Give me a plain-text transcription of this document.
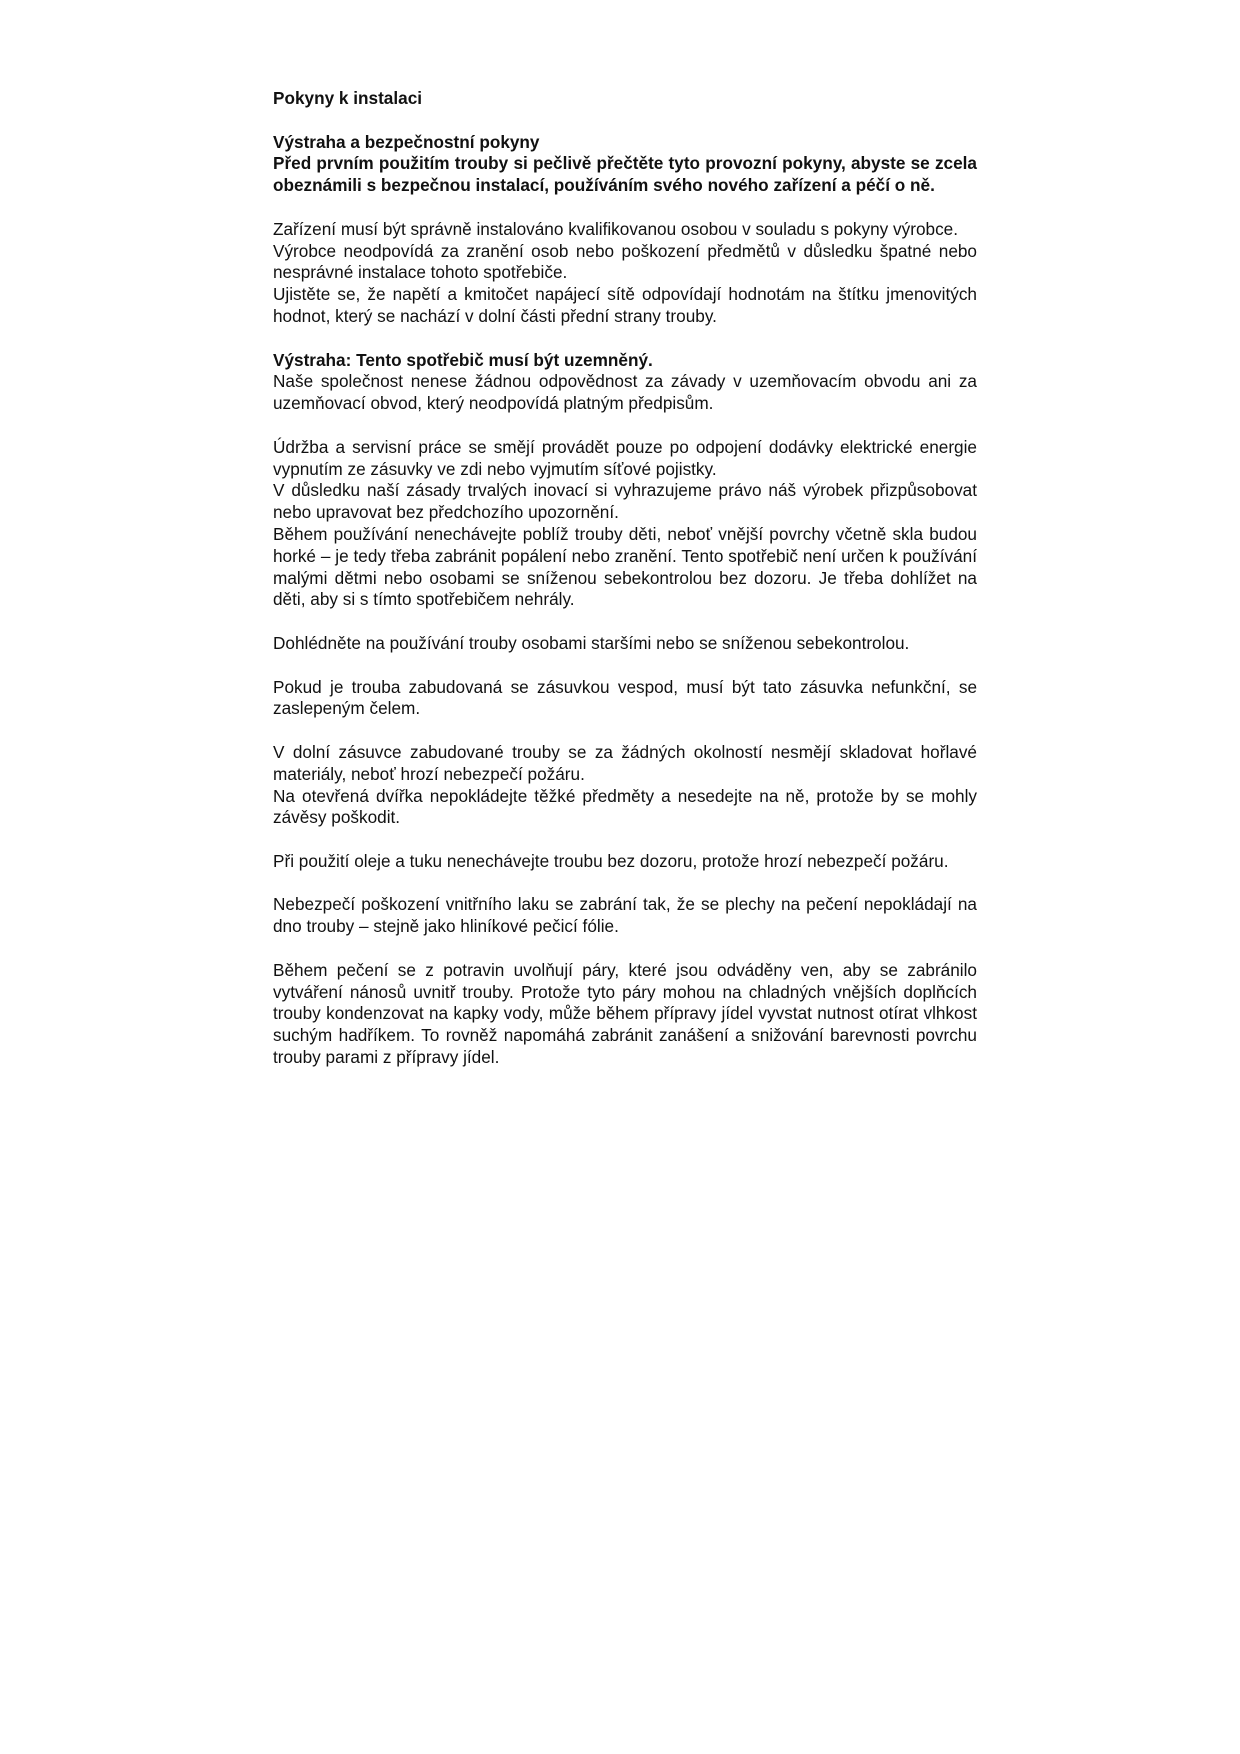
Pokyny k instalaci
Výstraha a bezpečnostní pokyny
Před prvním použitím trouby si pečlivě přečtěte tyto provozní pokyny, abyste se zcela obeznámili s bezpečnou instalací, používáním svého nového zařízení a péčí o ně.
Zařízení musí být správně instalováno kvalifikovanou osobou v souladu s pokyny výrobce.
Výrobce neodpovídá za zranění osob nebo poškození předmětů v důsledku špatné nebo nesprávné instalace tohoto spotřebiče.
Ujistěte se, že napětí a kmitočet napájecí sítě odpovídají hodnotám na štítku jmenovitých hodnot, který se nachází v dolní části přední strany trouby.
Výstraha: Tento spotřebič musí být uzemněný.
Naše společnost nenese žádnou odpovědnost za závady v uzemňovacím obvodu ani za uzemňovací obvod, který neodpovídá platným předpisům.
Údržba a servisní práce se smějí provádět pouze po odpojení dodávky elektrické energie vypnutím ze zásuvky ve zdi nebo vyjmutím síťové pojistky.
V důsledku naší zásady trvalých inovací si vyhrazujeme právo náš výrobek přizpůsobovat nebo upravovat bez předchozího upozornění.
Během používání nenechávejte poblíž trouby děti, neboť vnější povrchy včetně skla budou horké – je tedy třeba zabránit popálení nebo zranění. Tento spotřebič není určen k používání malými dětmi nebo osobami se sníženou sebekontrolou bez dozoru. Je třeba dohlížet na děti, aby si s tímto spotřebičem nehrály.
Dohlédněte na používání trouby osobami staršími nebo se sníženou sebekontrolou.
Pokud je trouba zabudovaná se zásuvkou vespod, musí být tato zásuvka nefunkční, se zaslepeným čelem.
V dolní zásuvce zabudované trouby se za žádných okolností nesmějí skladovat hořlavé materiály, neboť hrozí nebezpečí požáru.
Na otevřená dvířka nepokládejte těžké předměty a nesedejte na ně, protože by se mohly závěsy poškodit.
Při použití oleje a tuku nenechávejte troubu bez dozoru, protože hrozí nebezpečí požáru.
Nebezpečí poškození vnitřního laku se zabrání tak, že se plechy na pečení nepokládají na dno trouby – stejně jako hliníkové pečicí fólie.
Během pečení se z potravin uvolňují páry, které jsou odváděny ven, aby se zabránilo vytváření nánosů uvnitř trouby. Protože tyto páry mohou na chladných vnějších doplňcích trouby kondenzovat na kapky vody, může během přípravy jídel vyvstat nutnost otírat vlhkost suchým hadříkem. To rovněž napomáhá zabránit zanášení a snižování barevnosti povrchu trouby parami z přípravy jídel.
